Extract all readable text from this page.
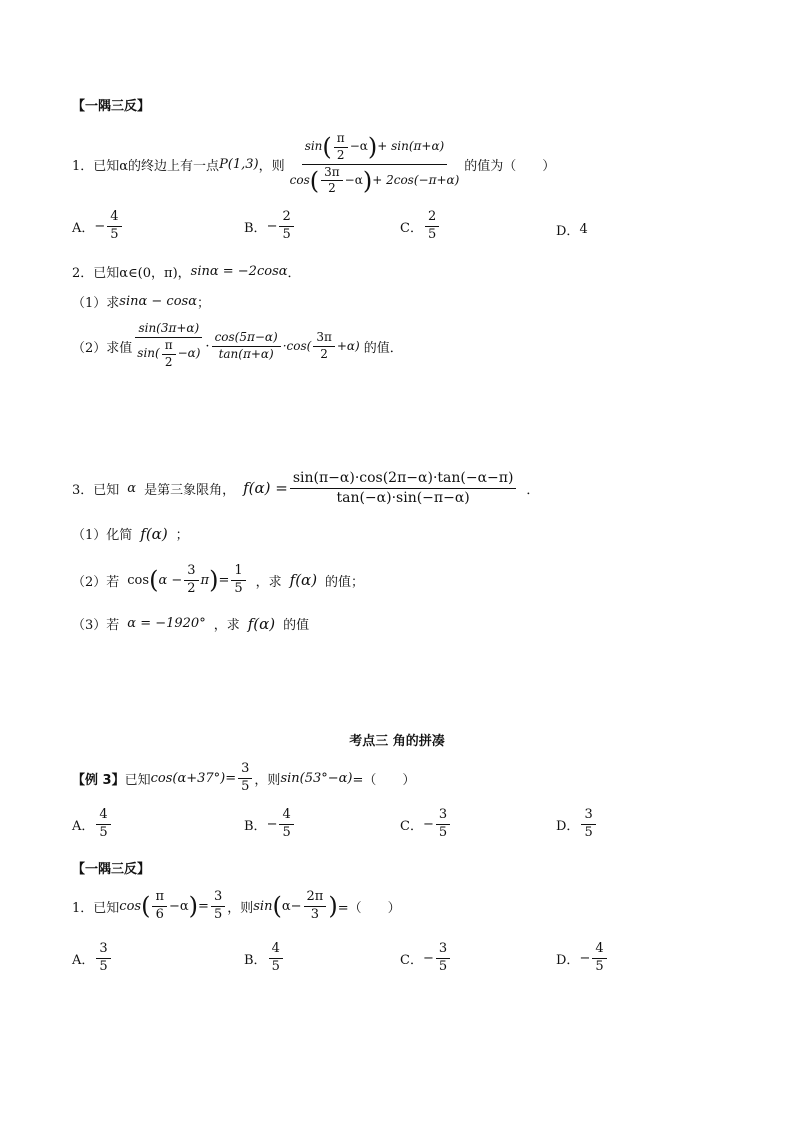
【一隅三反】
1． 已知α的终边上有一点 P(1,3) ，则 $\frac{\sin ( \frac{\pi}{2} -\alpha ) + \sin(\pi+\alpha)}{\cos ( \frac{3\pi}{2} -\alpha ) + 2\cos(-\pi+\alpha)}$ 的值为（　　）
A． − $\frac{4}{5}$	B． − $\frac{2}{5}$	C． $\frac{2}{5}$	D． 4
2． 已知α∈(0，π)， sinα = −2cosα ．
（1）求 sinα − cosα ；
（2）求值 $\frac{\sin(3\pi+\alpha)}{\sin( \frac{\pi}{2} -\alpha)} \cdot \frac{\cos(5\pi-\alpha)}{\tan(\pi+\alpha)} \cdot\cos( \frac{3\pi}{2} +\alpha)$ 的值．
3． 已知 α 是第三象限角， $f(\alpha) = \frac{\sin(\pi-\alpha)\cdot\cos(2\pi-\alpha)\cdot\tan(-\alpha-\pi)}{\tan(-\alpha)\cdot\sin(-\pi-\alpha)}$ ．
（1）化简 f(α) ；
（2）若 cos ( $\alpha - \frac{3}{2}$ π ) = $\frac{1}{5}$ ，求 f(α) 的值；
（3）若 α = −1920° ，求 f(α) 的值
考点三 角的拼凑
【例 3】 已知 $\cos(\alpha+37^\circ) = \frac{3}{5}$ ，则 sin(53°−α) =（　　）
A． $\frac{4}{5}$	B． − $\frac{4}{5}$	C． − $\frac{3}{5}$	D． $\frac{3}{5}$
【一隅三反】
1． 已知 cos ( $\frac{\pi}{6} -\alpha$ ) = $\frac{3}{5}$ ，则 sin ( $\alpha- \frac{2\pi}{3}$ ) =（　　）
A． $\frac{3}{5}$	B． $\frac{4}{5}$	C． − $\frac{3}{5}$	D． − $\frac{4}{5}$
